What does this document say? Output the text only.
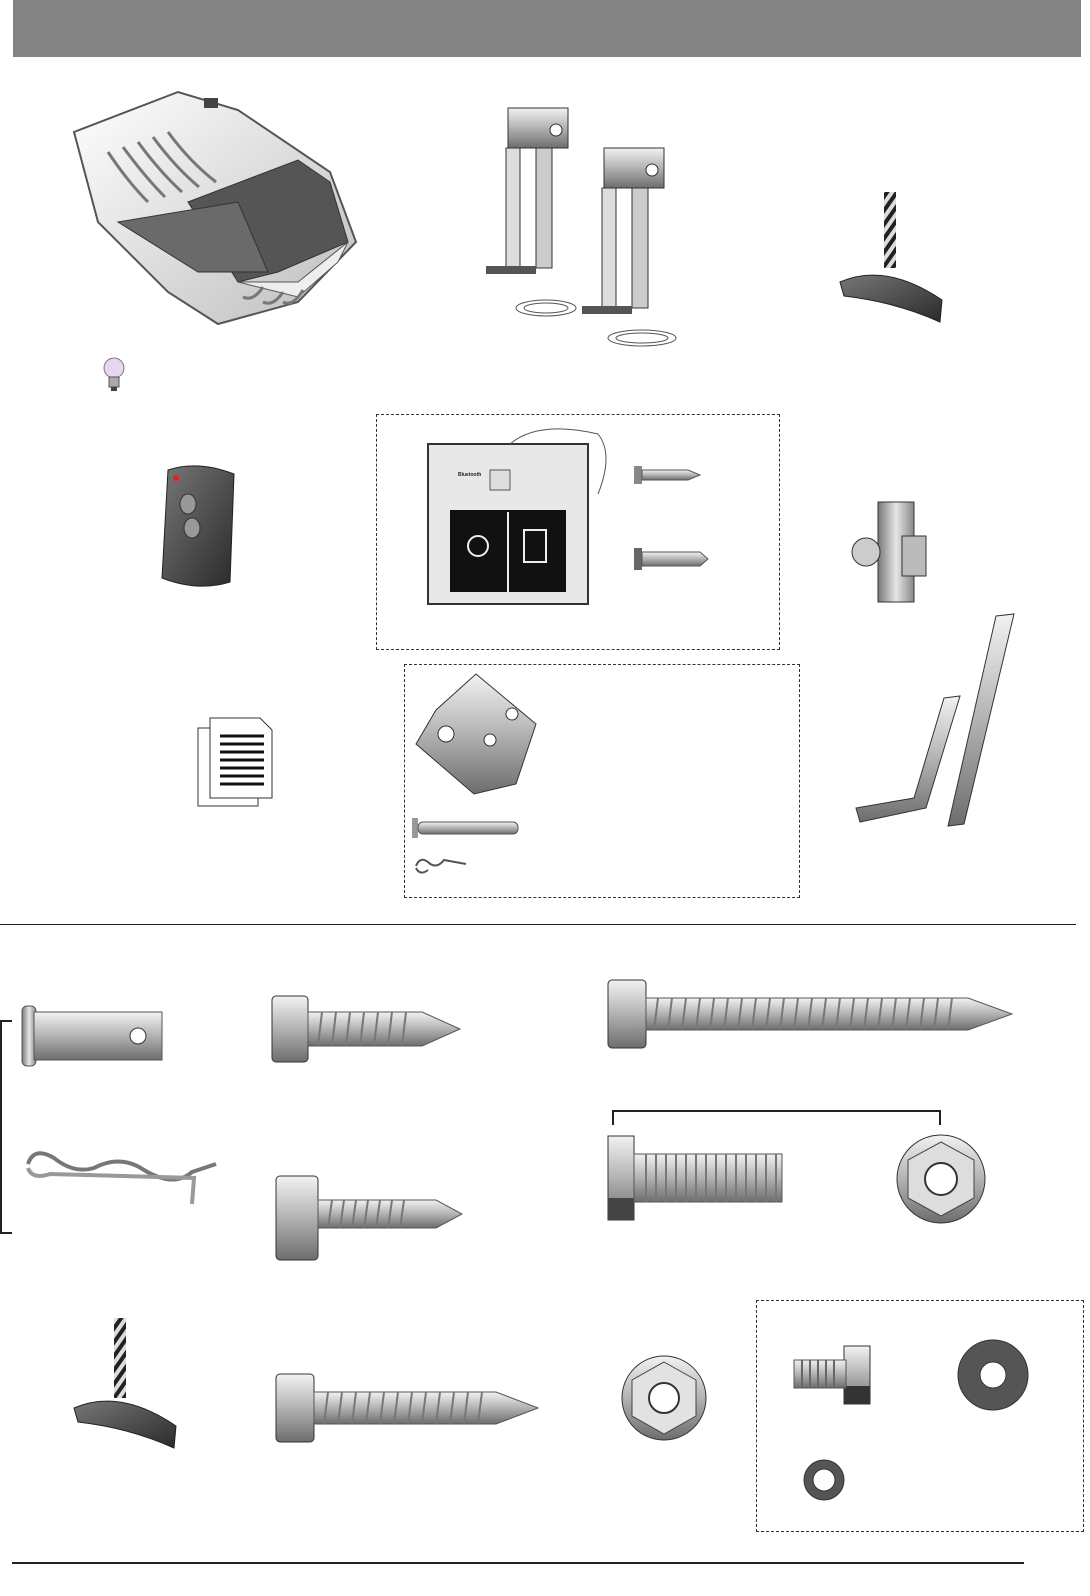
Bluetooth
